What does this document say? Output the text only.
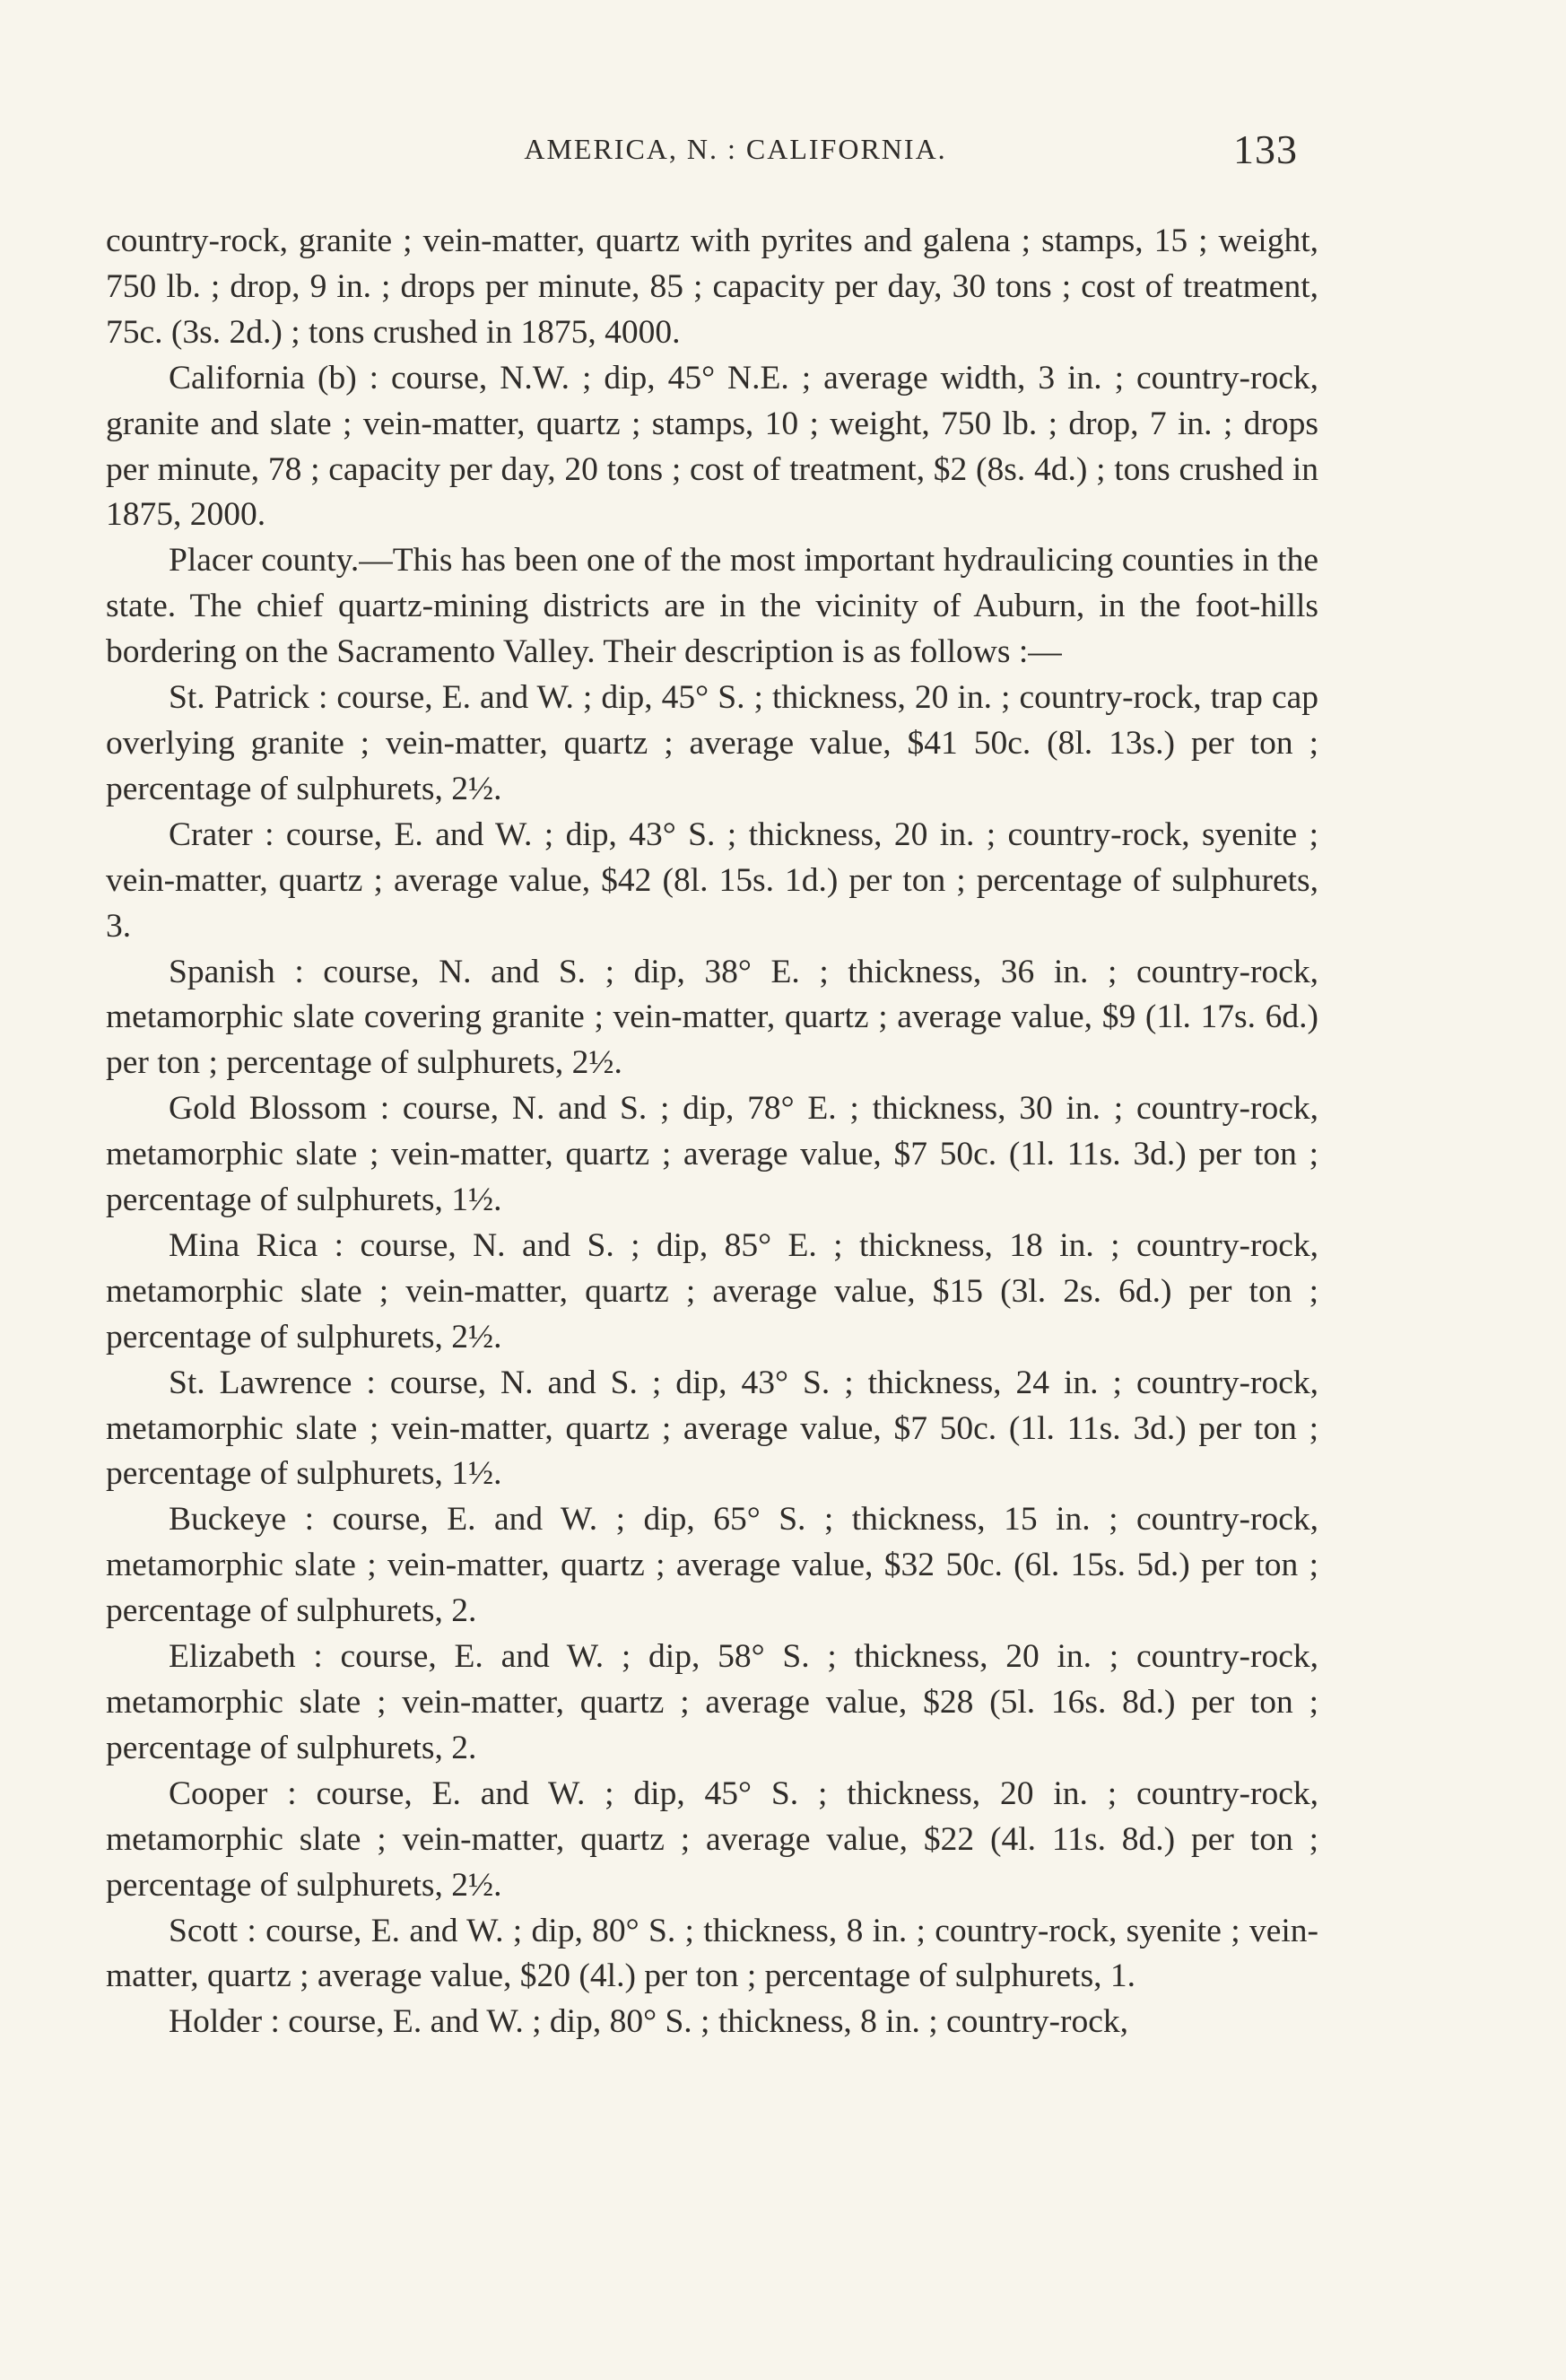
AMERICA, N. : CALIFORNIA.	133

country-rock, granite ; vein-matter, quartz with pyrites and galena ; stamps, 15 ; weight, 750 lb. ; drop, 9 in. ; drops per minute, 85 ; capacity per day, 30 tons ; cost of treatment, 75c. (3s. 2d.) ; tons crushed in 1875, 4000.

California (b) : course, N.W. ; dip, 45° N.E. ; average width, 3 in. ; country-rock, granite and slate ; vein-matter, quartz ; stamps, 10 ; weight, 750 lb. ; drop, 7 in. ; drops per minute, 78 ; capacity per day, 20 tons ; cost of treatment, $2 (8s. 4d.) ; tons crushed in 1875, 2000.

Placer county.—This has been one of the most important hydraulicing counties in the state. The chief quartz-mining districts are in the vicinity of Auburn, in the foot-hills bordering on the Sacramento Valley. Their description is as follows :—

St. Patrick : course, E. and W. ; dip, 45° S. ; thickness, 20 in. ; country-rock, trap cap overlying granite ; vein-matter, quartz ; average value, $41 50c. (8l. 13s.) per ton ; percentage of sulphurets, 2½.

Crater : course, E. and W. ; dip, 43° S. ; thickness, 20 in. ; country-rock, syenite ; vein-matter, quartz ; average value, $42 (8l. 15s. 1d.) per ton ; percentage of sulphurets, 3.

Spanish : course, N. and S. ; dip, 38° E. ; thickness, 36 in. ; country-rock, metamorphic slate covering granite ; vein-matter, quartz ; average value, $9 (1l. 17s. 6d.) per ton ; percentage of sulphurets, 2½.

Gold Blossom : course, N. and S. ; dip, 78° E. ; thickness, 30 in. ; country-rock, metamorphic slate ; vein-matter, quartz ; average value, $7 50c. (1l. 11s. 3d.) per ton ; percentage of sulphurets, 1½.

Mina Rica : course, N. and S. ; dip, 85° E. ; thickness, 18 in. ; country-rock, metamorphic slate ; vein-matter, quartz ; average value, $15 (3l. 2s. 6d.) per ton ; percentage of sulphurets, 2½.

St. Lawrence : course, N. and S. ; dip, 43° S. ; thickness, 24 in. ; country-rock, metamorphic slate ; vein-matter, quartz ; average value, $7 50c. (1l. 11s. 3d.) per ton ; percentage of sulphurets, 1½.

Buckeye : course, E. and W. ; dip, 65° S. ; thickness, 15 in. ; country-rock, metamorphic slate ; vein-matter, quartz ; average value, $32 50c. (6l. 15s. 5d.) per ton ; percentage of sulphurets, 2.

Elizabeth : course, E. and W. ; dip, 58° S. ; thickness, 20 in. ; country-rock, metamorphic slate ; vein-matter, quartz ; average value, $28 (5l. 16s. 8d.) per ton ; percentage of sulphurets, 2.

Cooper : course, E. and W. ; dip, 45° S. ; thickness, 20 in. ; country-rock, metamorphic slate ; vein-matter, quartz ; average value, $22 (4l. 11s. 8d.) per ton ; percentage of sulphurets, 2½.

Scott : course, E. and W. ; dip, 80° S. ; thickness, 8 in. ; country-rock, syenite ; vein-matter, quartz ; average value, $20 (4l.) per ton ; percentage of sulphurets, 1.

Holder : course, E. and W. ; dip, 80° S. ; thickness, 8 in. ; country-rock,
